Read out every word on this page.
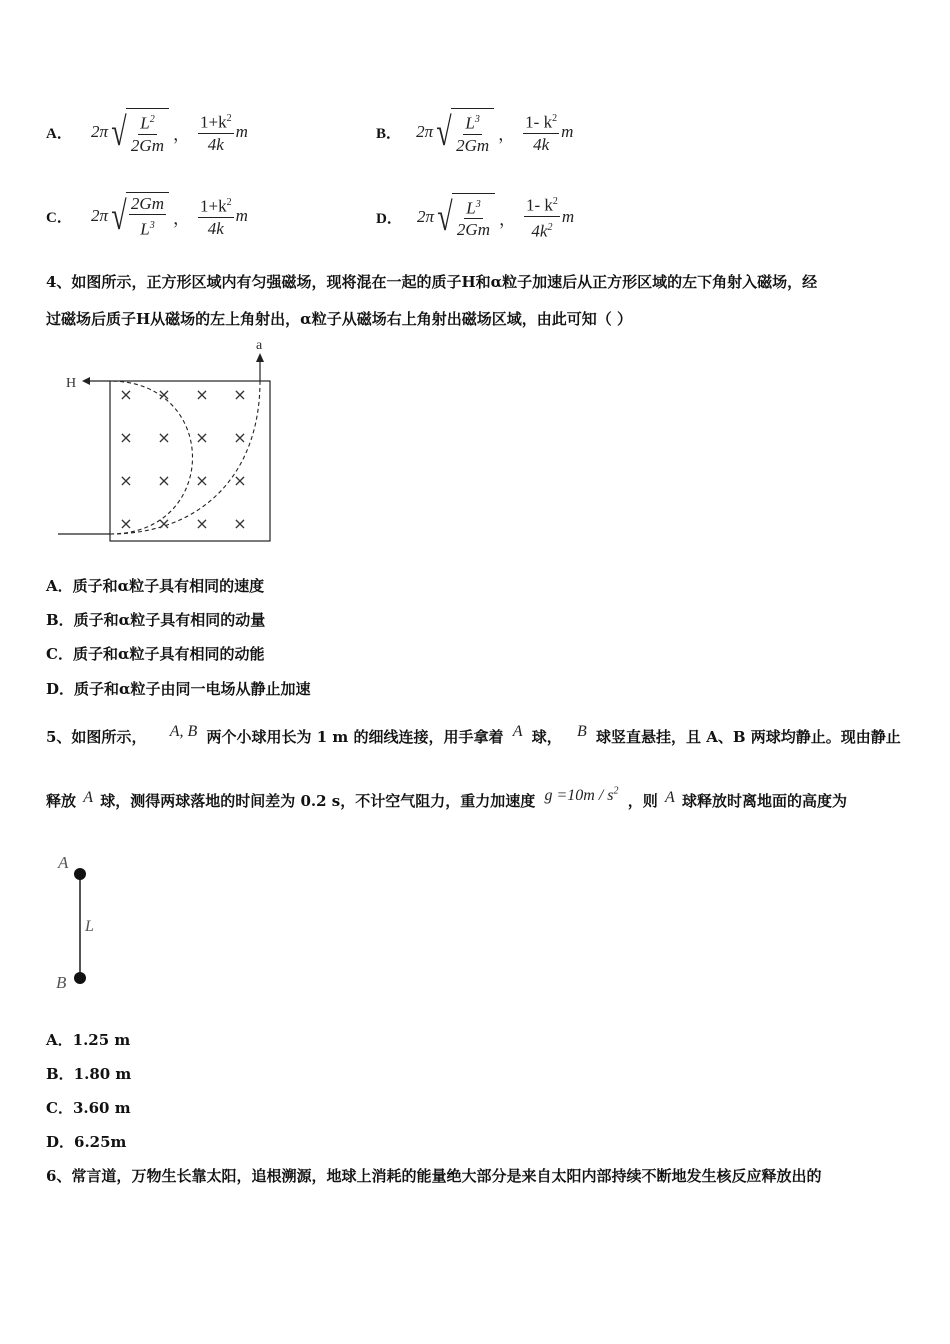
A． 2π √ $\frac{L^2}{2Gm}$ ， $\frac{1+k^2}{4k}$ m	B． 2π √ $\frac{L^3}{2Gm}$ ， $\frac{1- k^2}{4k}$ m
C． 2π √ $\frac{2Gm}{L^3}$ ， $\frac{1+k^2}{4k}$ m	D． 2π √ $\frac{L^3}{2Gm}$ ， $\frac{1- k^2}{4k^2}$ m
4、如图所示，正方形区域内有匀强磁场，现将混在一起的质子H和α粒子加速后从正方形区域的左下角射入磁场，经
过磁场后质子H从磁场的左上角射出，α粒子从磁场右上角射出磁场区域，由此可知（ ）
H
a
× × × ×
× × × ×
× × × ×
× × × ×
A．质子和α粒子具有相同的速度
B．质子和α粒子具有相同的动量
C．质子和α粒子具有相同的动能
D．质子和α粒子由同一电场从静止加速
5、如图所示， A, B 两个小球用长为 1 m 的细线连接，用手拿着 A 球， B 球竖直悬挂，且 A、B 两球均静止。现由静止
释放 A 球，测得两球落地的时间差为 0.2 s，不计空气阻力，重力加速度 $g =10m / s^2$ ，则 A 球释放时离地面的高度为
A
L
B
A．1.25 m
B．1.80 m
C．3.60 m
D．6.25m
6、常言道，万物生长靠太阳，追根溯源，地球上消耗的能量绝大部分是来自太阳内部持续不断地发生核反应释放出的
